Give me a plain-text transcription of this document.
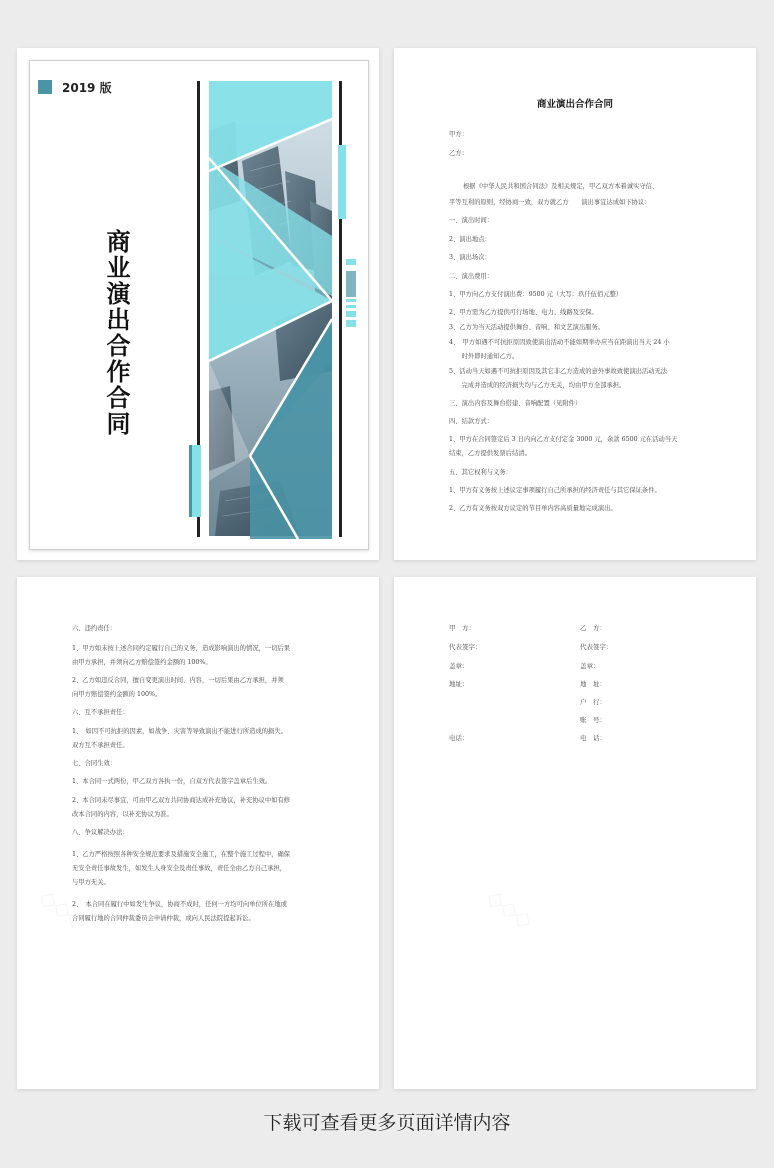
2019 版
商业演出合作合同
商业演出合作合同
甲方：
乙方：
根据《中华人民共和国合同法》及相关规定，甲乙双方本着诚实守信、
平等互利的原则，经协商一致，双方就乙方　　演出事宜达成如下协议：
一、演出时间：
2、演出地点：
3、演出场次：
二、演出费用：
1、甲方向乙方支付演出费：9500 元（大写：玖仟伍佰元整）
2、甲方需为乙方提供可行场地、电力、线路及安保。
3、乙方为当天活动提供舞台、音响、和文艺演出服务。
4、　甲方如遇不可抗拒原因致使演出活动不能如期举办应当在距演出当天 24 小
　　时外即时通知乙方。
5、活动当天如遇不可抗拒原因及其它非乙方造成的意外事故致使演出活动无法
　　完成并造成的经济损失均与乙方无关，均由甲方全部承担。
三、演出内容及舞台搭建、音响配置（见附件）
四、结款方式：
1、甲方在合同签定后 3 日内向乙方支付定金 3000 元，余款 6500 元在活动当天
结束，乙方提供发票后结清。
五、其它权利与义务：
1、甲方有义务按上述议定事项履行自己所承担的经济责任与其它保证条件。
2、乙方有义务按双方议定的节目单内容高质量地完成演出。
六、违约责任：
1、甲方如未按上述合同约定履行自己的义务，造成影响演出的情况，一切后果
由甲方承担，并须向乙方赔偿签约金额的 100%。
2、乙方如违反合同，擅自变更演出时间、内容，一切后果由乙方承担，并须
向甲方赔偿签约金额的 100%。
六、互不承担责任：
1、　如因不可抗拒的因素，如战争、灾害等导致演出不能进行所造成的损失。
双方互不承担责任。
七、合同生效：
1、本合同一式两份，甲乙双方各执一份，自双方代表签字盖章后生效。
2、本合同未尽事宜，可由甲乙双方共同协商达成补充协议，补充协议中如有修
改本合同的内容，以补充协议为准。
八、争议解决办法：
1、乙方严格按照各种安全规范要求及措施安全施工，在整个施工过程中，确保
无安全责任事故发生，如发生人身安全及责任事故，责任全由乙方自己承担，
与甲方无关。
2、　本合同在履行中如发生争议，协商不成时，任何一方均可向单位所在地或
合同履行地的合同仲裁委员会申请仲裁，或向人民法院提起诉讼。
甲　方：
代表签字：
盖章：
地址：
电话：
乙　方：
代表签字：
盖章：
地　址：
户　行：
账　号：
电　话：
下载可查看更多页面详情内容
